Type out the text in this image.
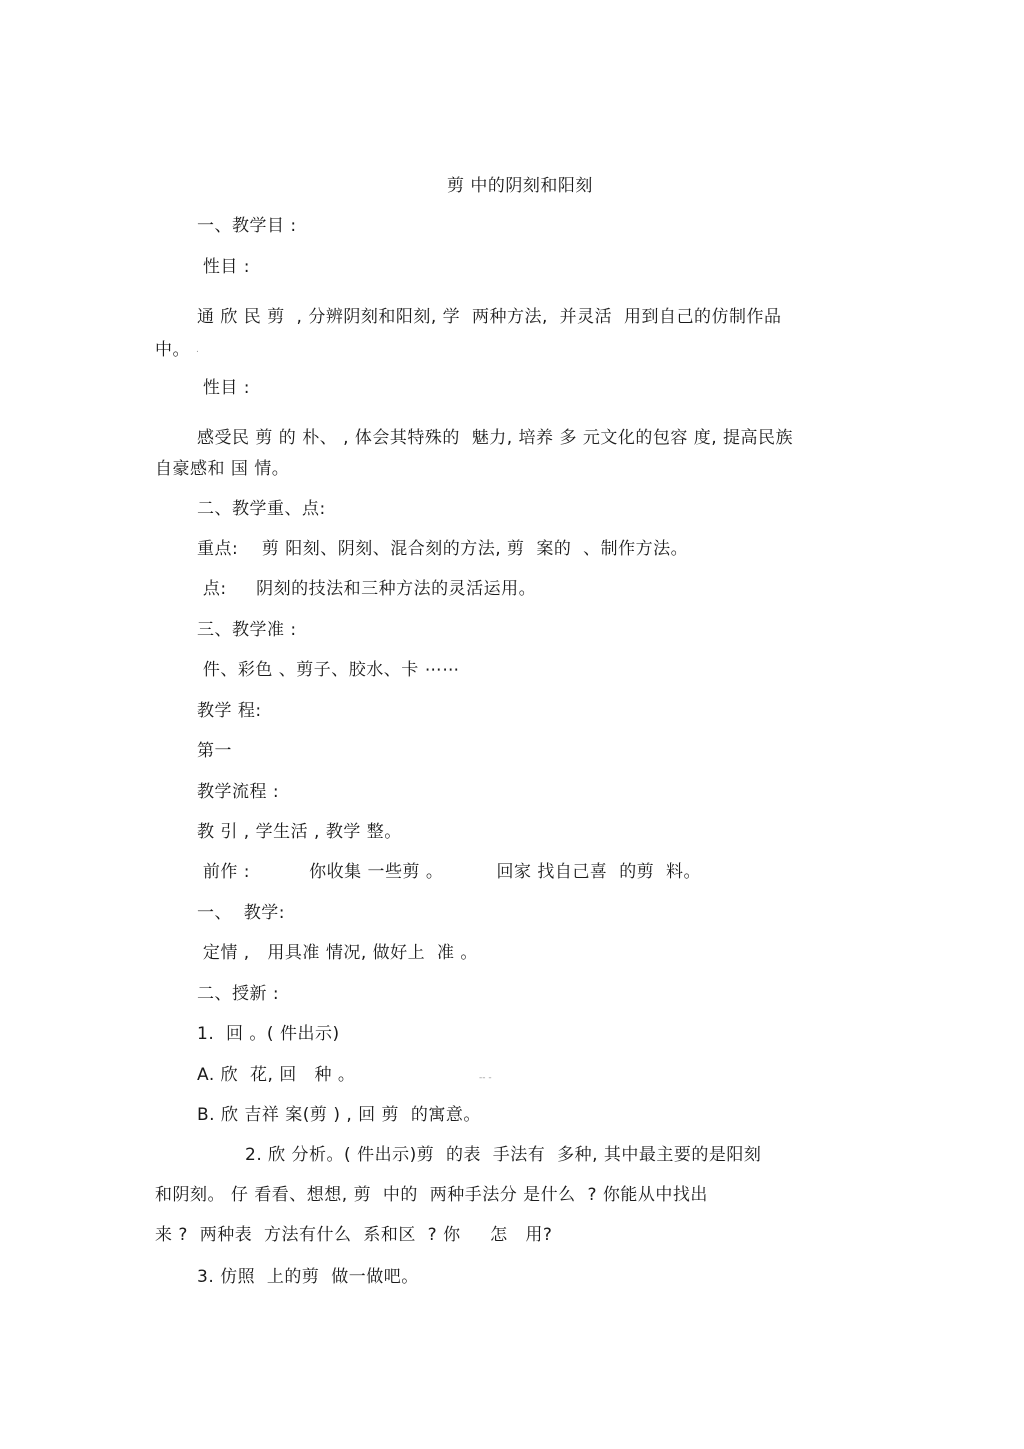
剪 中的阴刻和阳刻
一、教学目 :
性目 :
通 欣 民 剪  , 分辨阴刻和阳刻, 学  两种方法,  并灵活  用到自己的仿制作品
中。 .
性目 :
感受民 剪 的 朴、 , 体会其特殊的  魅力, 培养 多 元文化的包容 度, 提高民族
自豪感和 国 情。
二、教学重、点:
重点:    剪 阳刻、阴刻、混合刻的方法, 剪  案的  、制作方法。
点:     阴刻的技法和三种方法的灵活运用。
三、教学准 :
件、彩色 、剪子、胶水、卡 ⋯⋯
教学 程:
第一
教学流程 :
教 引 , 学生活 , 教学 整。
前作 :          你收集 一些剪 。         回家 找自己喜  的剪  料。
一、  教学:
定情 ,   用具准 情况, 做好上  准 。
二、授新 :
1.  回 。( 件出示)
A. 欣  花, 回   种 。	-- -
B. 欣 吉祥 案(剪 ) , 回 剪  的寓意。
2. 欣 分析。( 件出示)剪  的表  手法有  多种, 其中最主要的是阳刻
和阴刻。 仔 看看、想想, 剪  中的  两种手法分 是什么  ? 你能从中找出
来 ?  两种表  方法有什么  系和区  ? 你     怎   用?
3. 仿照  上的剪  做一做吧。
